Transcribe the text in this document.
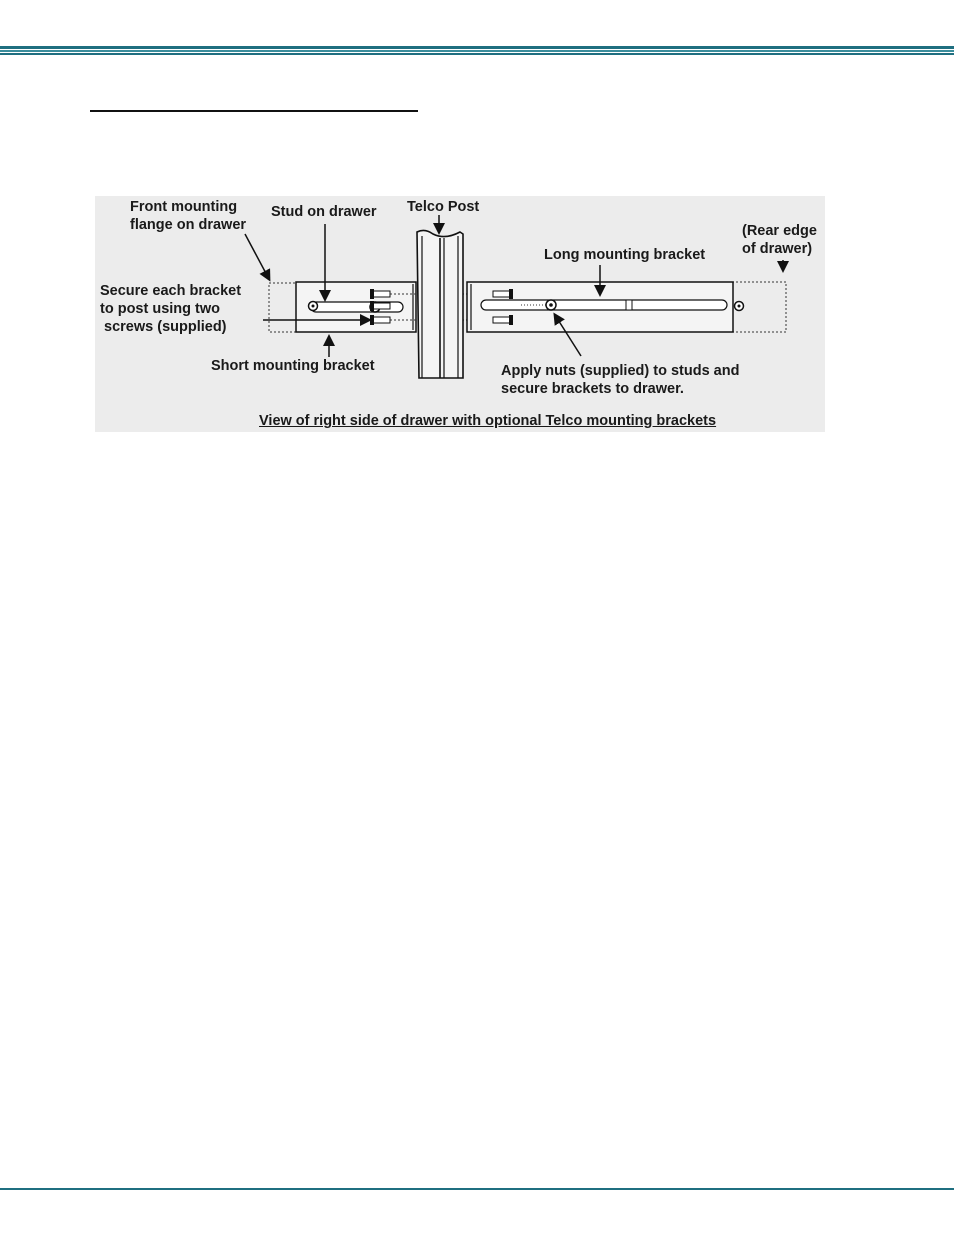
Front mounting
flange on drawer

Stud on drawer Telco Post

(Rear edge
of drawer)

Long mounting bracket

Secure each bracket
to post using two
screws (supplied)

Short mounting bracket	Apply nuts (supplied) to studs and
secure brackets to drawer.

View of right side of drawer with optional Telco mounting brackets
